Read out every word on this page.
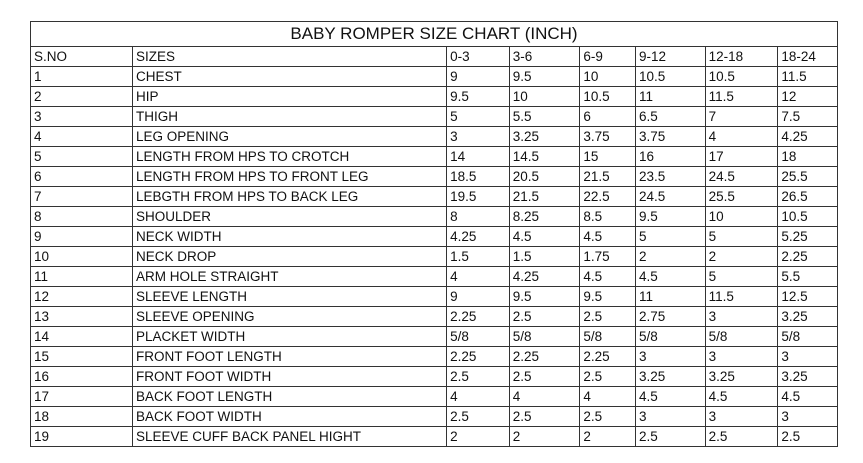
BABY ROMPER SIZE CHART (INCH)							
S.NO	SIZES	0-3	3-6	6-9	9-12	12-18	18-24
1	CHEST	9	9.5	10	10.5	10.5	11.5
2	HIP	9.5	10	10.5	11	11.5	12
3	THIGH	5	5.5	6	6.5	7	7.5
4	LEG OPENING	3	3.25	3.75	3.75	4	4.25
5	LENGTH FROM HPS TO CROTCH	14	14.5	15	16	17	18
6	LENGTH FROM HPS TO FRONT LEG	18.5	20.5	21.5	23.5	24.5	25.5
7	LEBGTH FROM HPS TO BACK LEG	19.5	21.5	22.5	24.5	25.5	26.5
8	SHOULDER	8	8.25	8.5	9.5	10	10.5
9	NECK WIDTH	4.25	4.5	4.5	5	5	5.25
10	NECK DROP	1.5	1.5	1.75	2	2	2.25
11	ARM HOLE STRAIGHT	4	4.25	4.5	4.5	5	5.5
12	SLEEVE LENGTH	9	9.5	9.5	11	11.5	12.5
13	SLEEVE OPENING	2.25	2.5	2.5	2.75	3	3.25
14	PLACKET WIDTH	5/8	5/8	5/8	5/8	5/8	5/8
15	FRONT FOOT LENGTH	2.25	2.25	2.25	3	3	3
16	FRONT FOOT WIDTH	2.5	2.5	2.5	3.25	3.25	3.25
17	BACK FOOT LENGTH	4	4	4	4.5	4.5	4.5
18	BACK FOOT WIDTH	2.5	2.5	2.5	3	3	3
19	SLEEVE CUFF BACK PANEL HIGHT	2	2	2	2.5	2.5	2.5
